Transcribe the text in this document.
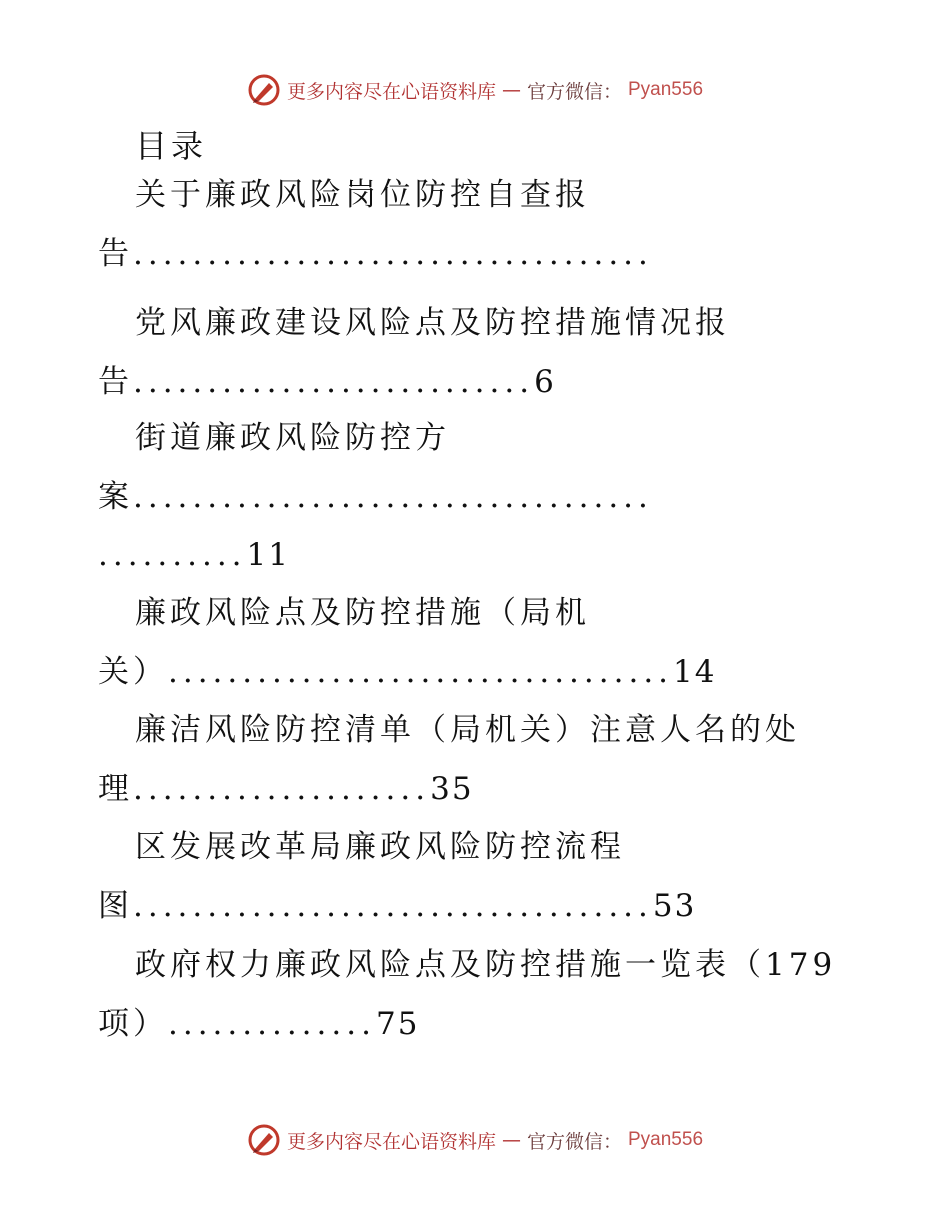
更多内容尽在心语资料库 — 官方微信： Pyan556
目录
关于廉政风险岗位防控自查报
告...................................
党风廉政建设风险点及防控措施情况报
告...........................6
街道廉政风险防控方
案...................................
..........11
廉政风险点及防控措施（局机
关）..................................14
廉洁风险防控清单（局机关）注意人名的处
理....................35
区发展改革局廉政风险防控流程
图...................................53
政府权力廉政风险点及防控措施一览表（179
项）..............75
更多内容尽在心语资料库 — 官方微信： Pyan556
